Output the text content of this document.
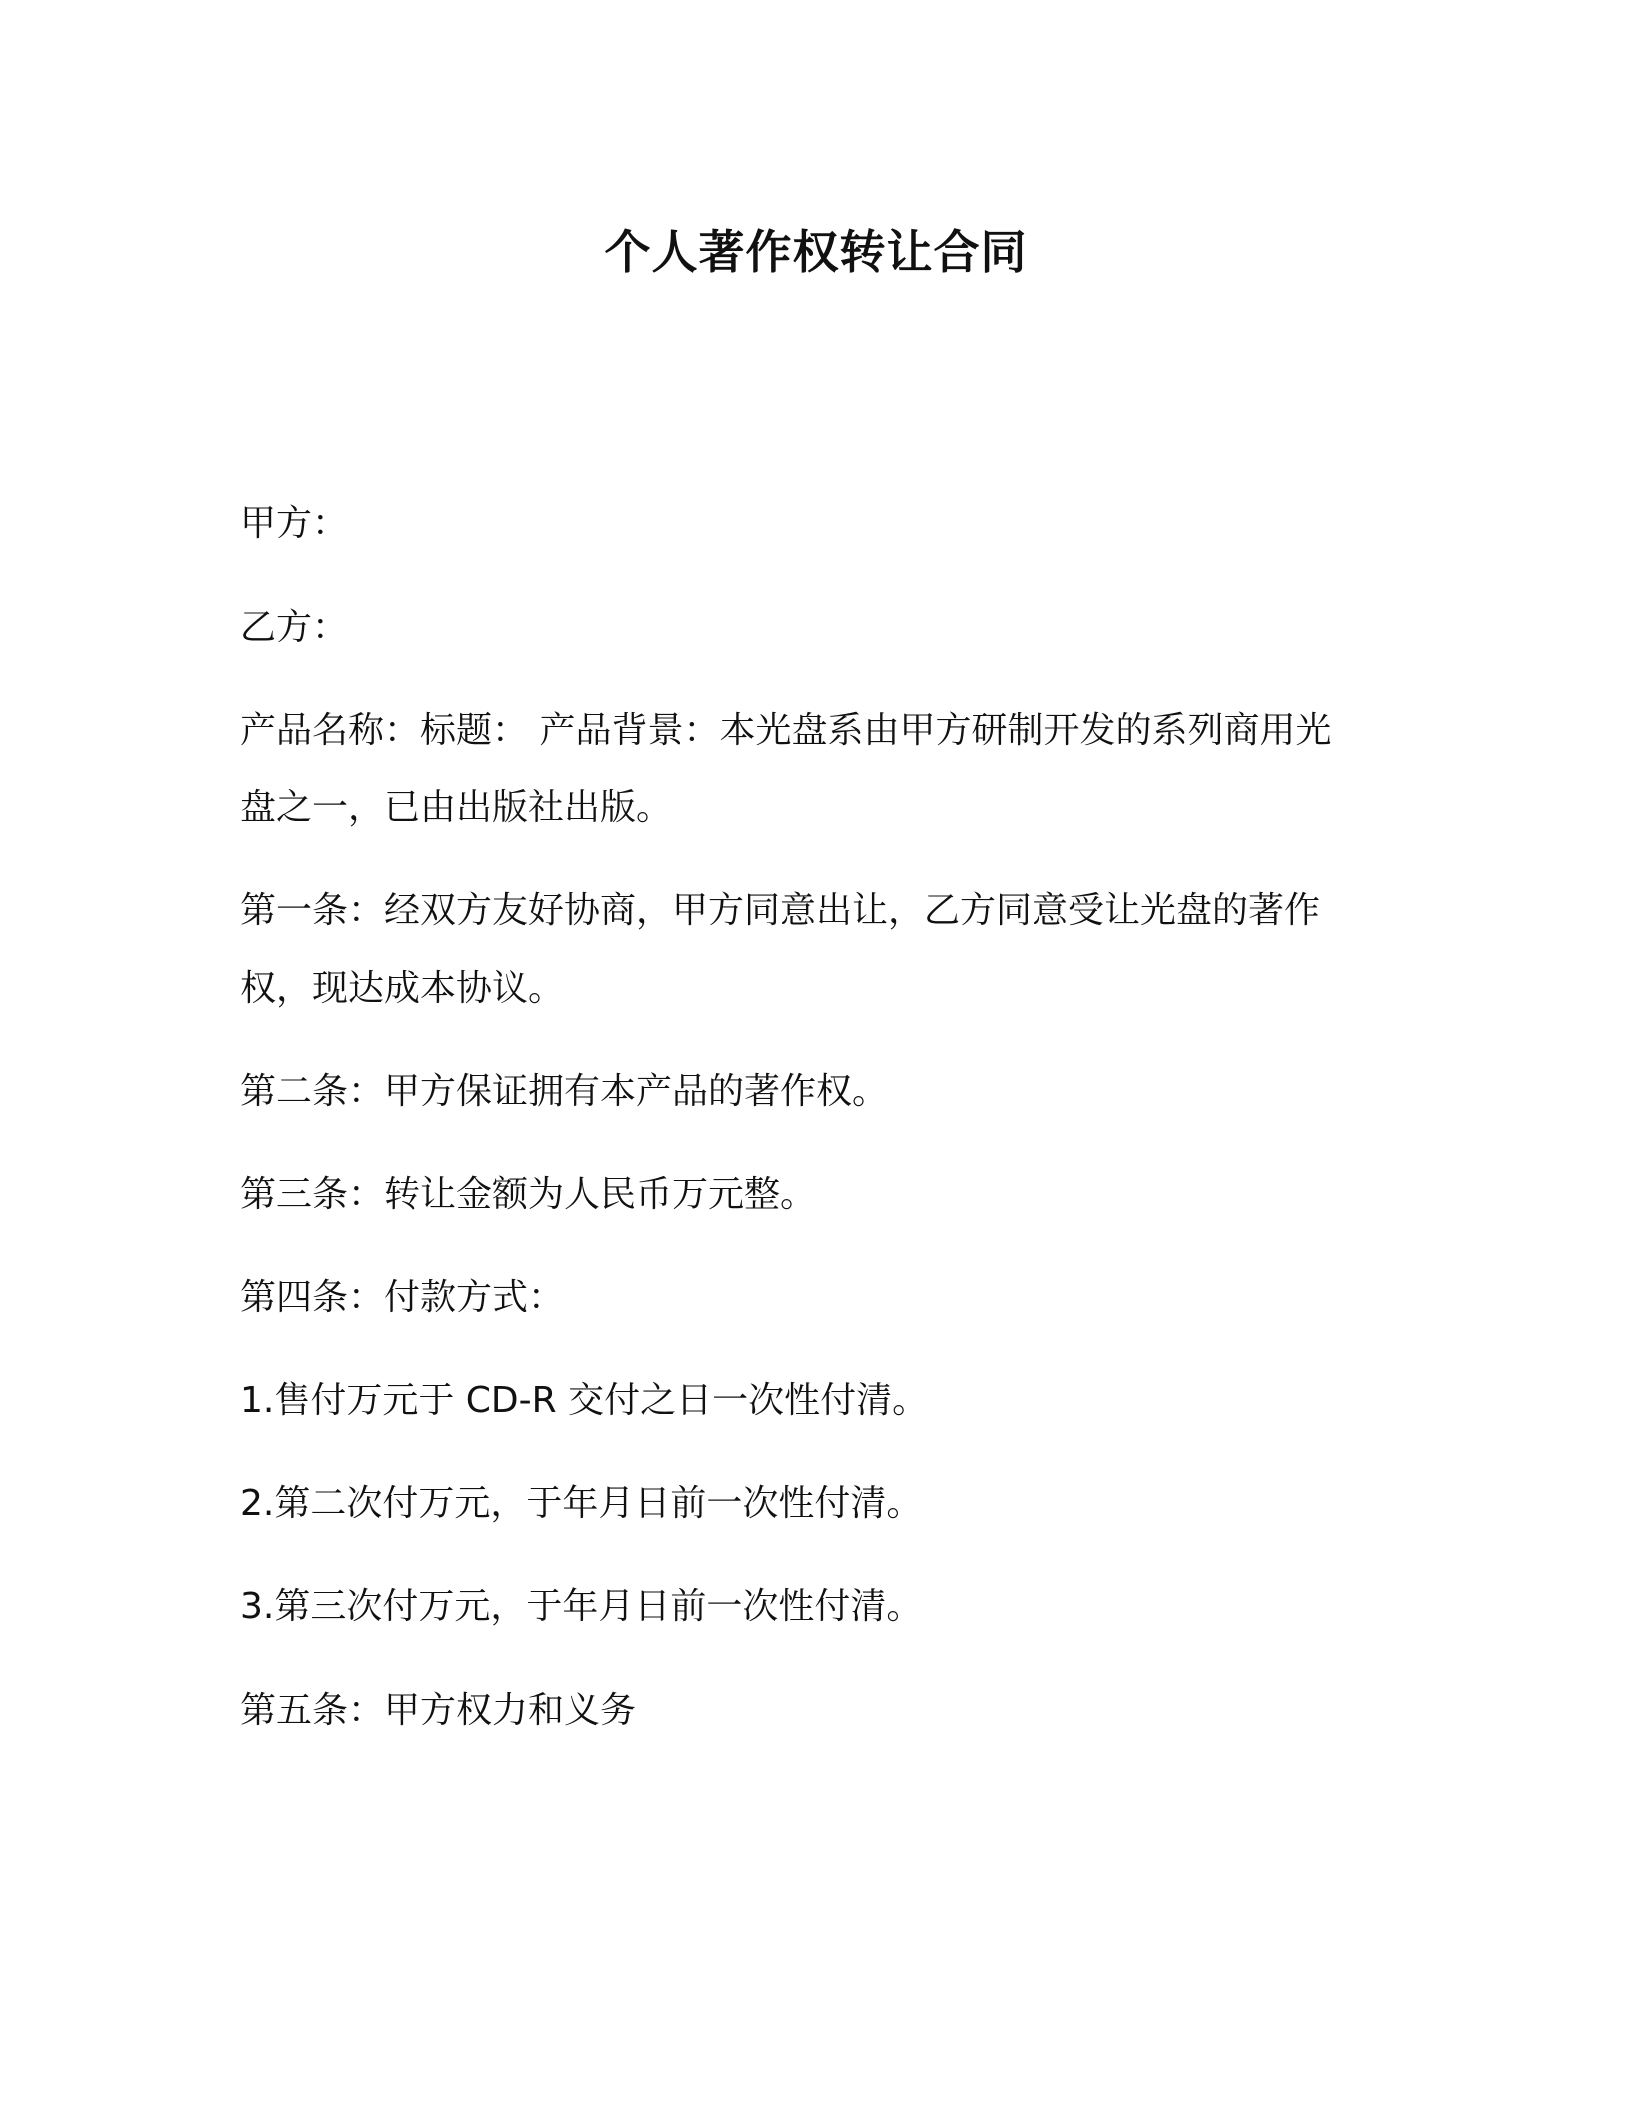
个人著作权转让合同
甲方：
乙方：
产品名称：标题： 产品背景：本光盘系由甲方研制开发的系列商用光
盘之一，已由出版社出版。
第一条：经双方友好协商，甲方同意出让，乙方同意受让光盘的著作
权，现达成本协议。
第二条：甲方保证拥有本产品的著作权。
第三条：转让金额为人民币万元整。
第四条：付款方式：
1.售付万元于 CD-R 交付之日一次性付清。
2.第二次付万元，于年月日前一次性付清。
3.第三次付万元，于年月日前一次性付清。
第五条：甲方权力和义务
